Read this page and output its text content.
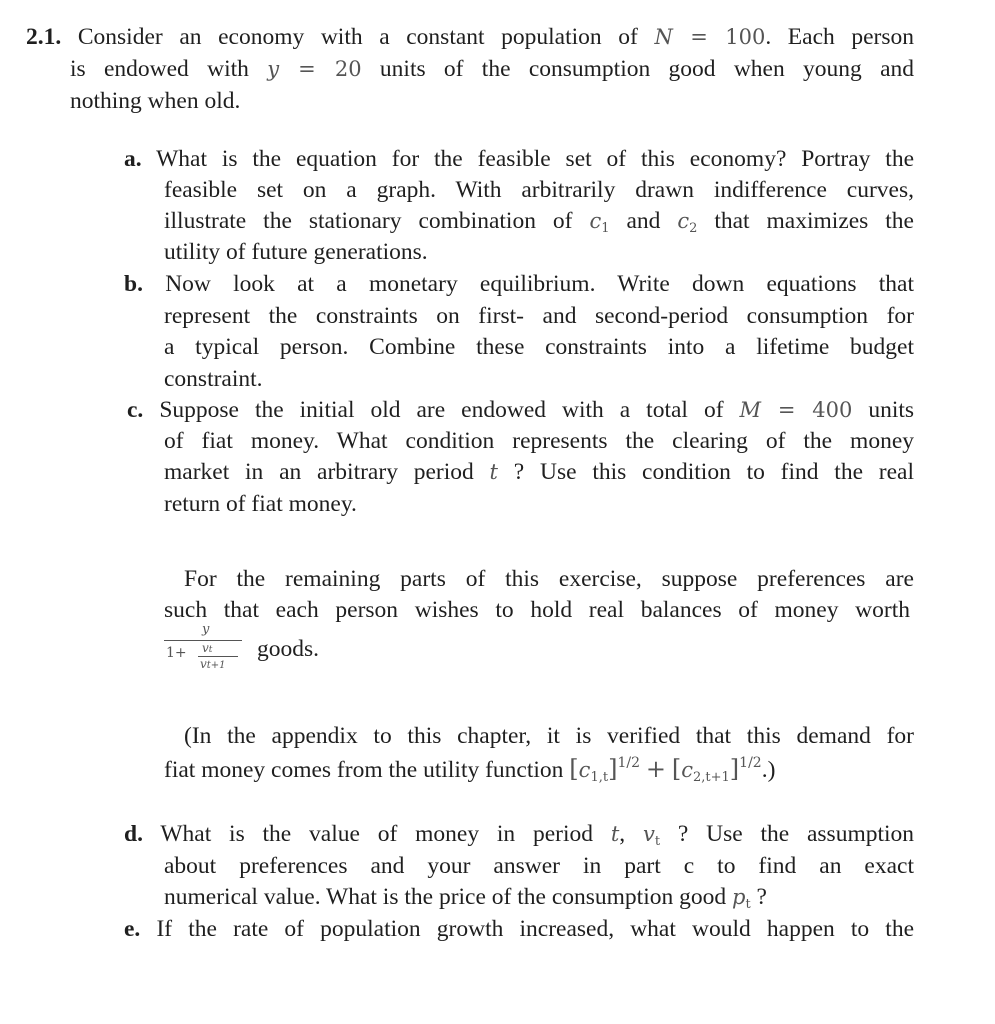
2.1. Consider an economy with a constant population of N = 100. Each person
is endowed with y = 20 units of the consumption good when young and
nothing when old.
a. What is the equation for the feasible set of this economy? Portray the
feasible set on a graph. With arbitrarily drawn indifference curves,
illustrate the stationary combination of $c_1$ and $c_2$ that maximizes the
utility of future generations.
b. Now look at a monetary equilibrium. Write down equations that
represent the constraints on first- and second-period consumption for
a typical person. Combine these constraints into a lifetime budget
constraint.
c. Suppose the initial old are endowed with a total of M = 400 units
of fiat money. What condition represents the clearing of the money
market in an arbitrary period t ? Use this condition to find the real
return of fiat money.
For the remaining parts of this exercise, suppose preferences are
such that each person wishes to hold real balances of money worth
y
1+ vt
vt+1
goods.
(In the appendix to this chapter, it is verified that this demand for
fiat money comes from the utility function $[c_{1,t}]^{1/2} + [c_{2,t+1}]^{1/2}$.)
d. What is the value of money in period t, $v_t$ ? Use the assumption
about preferences and your answer in part c to find an exact
numerical value. What is the price of the consumption good $p_t$ ?
e. If the rate of population growth increased, what would happen to the
